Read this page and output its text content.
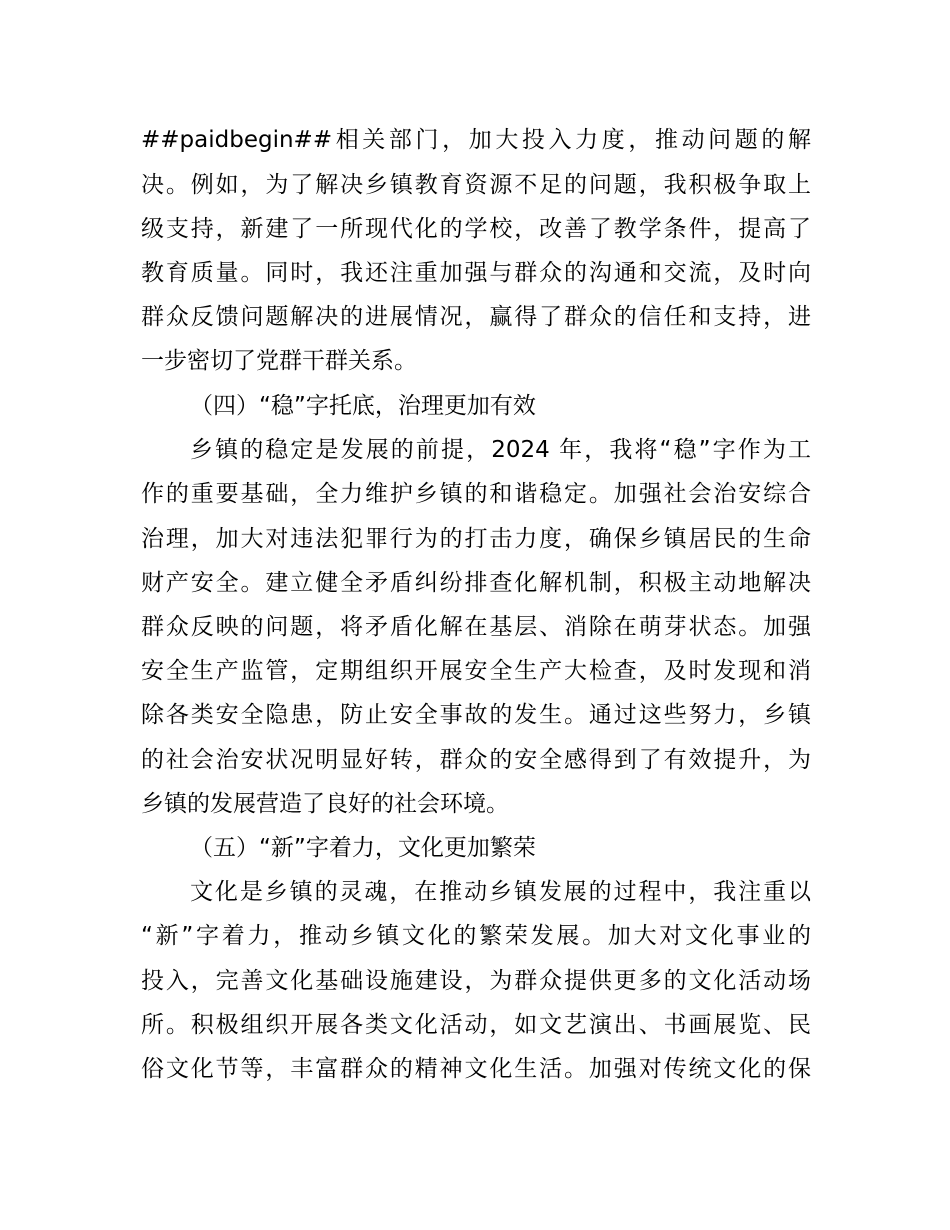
##paidbegin##相关部门，加大投入力度，推动问题的解
决。例如，为了解决乡镇教育资源不足的问题，我积极争取上
级支持，新建了一所现代化的学校，改善了教学条件，提高了
教育质量。同时，我还注重加强与群众的沟通和交流，及时向
群众反馈问题解决的进展情况，赢得了群众的信任和支持，进
一步密切了党群干群关系。
（四）“稳”字托底，治理更加有效
乡镇的稳定是发展的前提，2024 年，我将“稳”字作为工
作的重要基础，全力维护乡镇的和谐稳定。加强社会治安综合
治理，加大对违法犯罪行为的打击力度，确保乡镇居民的生命
财产安全。建立健全矛盾纠纷排查化解机制，积极主动地解决
群众反映的问题，将矛盾化解在基层、消除在萌芽状态。加强
安全生产监管，定期组织开展安全生产大检查，及时发现和消
除各类安全隐患，防止安全事故的发生。通过这些努力，乡镇
的社会治安状况明显好转，群众的安全感得到了有效提升，为
乡镇的发展营造了良好的社会环境。
（五）“新”字着力，文化更加繁荣
文化是乡镇的灵魂，在推动乡镇发展的过程中，我注重以
“新”字着力，推动乡镇文化的繁荣发展。加大对文化事业的
投入，完善文化基础设施建设，为群众提供更多的文化活动场
所。积极组织开展各类文化活动，如文艺演出、书画展览、民
俗文化节等，丰富群众的精神文化生活。加强对传统文化的保
